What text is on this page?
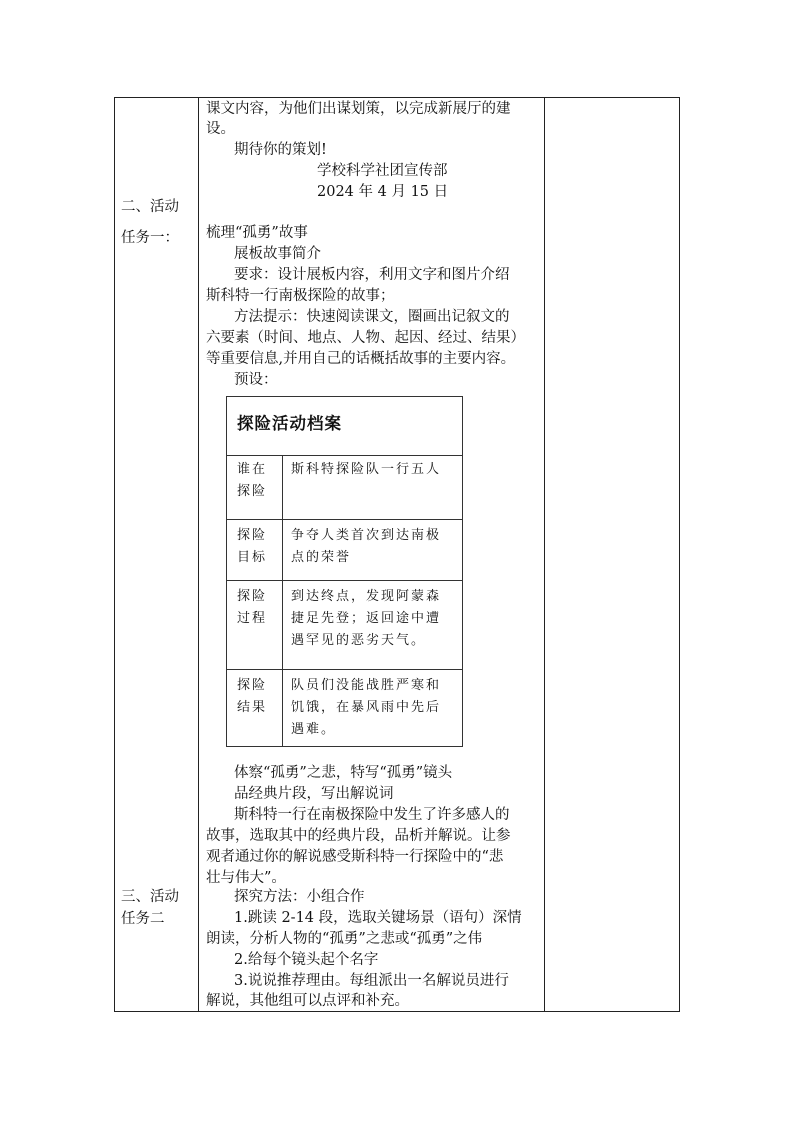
二、活动
任务一：
三、活动
任务二
课文内容，为他们出谋划策，以完成新展厅的建
设。
期待你的策划!
学校科学社团宣传部
2024 年 4 月 15 日
梳理“孤勇”故事
展板故事简介
要求：设计展板内容，利用文字和图片介绍
斯科特一行南极探险的故事；
方法提示：快速阅读课文，圈画出记叙文的
六要素（时间、地点、人物、起因、经过、结果）
等重要信息,并用自己的话概括故事的主要内容。
预设：
探险活动档案
谁在探险
斯科特探险队一行五人
探险目标
争夺人类首次到达南极点的荣誉
探险过程
到达终点，发现阿蒙森捷足先登；返回途中遭遇罕见的恶劣天气。
探险结果
队员们没能战胜严寒和饥饿，在暴风雨中先后遇难。
体察“孤勇”之悲，特写“孤勇”镜头
品经典片段，写出解说词
斯科特一行在南极探险中发生了许多感人的
故事，选取其中的经典片段，品析并解说。让参
观者通过你的解说感受斯科特一行探险中的“悲
壮与伟大”。
探究方法：小组合作
1.跳读 2-14 段，选取关键场景（语句）深情
朗读，分析人物的“孤勇”之悲或“孤勇”之伟
2.给每个镜头起个名字
3.说说推荐理由。每组派出一名解说员进行
解说，其他组可以点评和补充。
